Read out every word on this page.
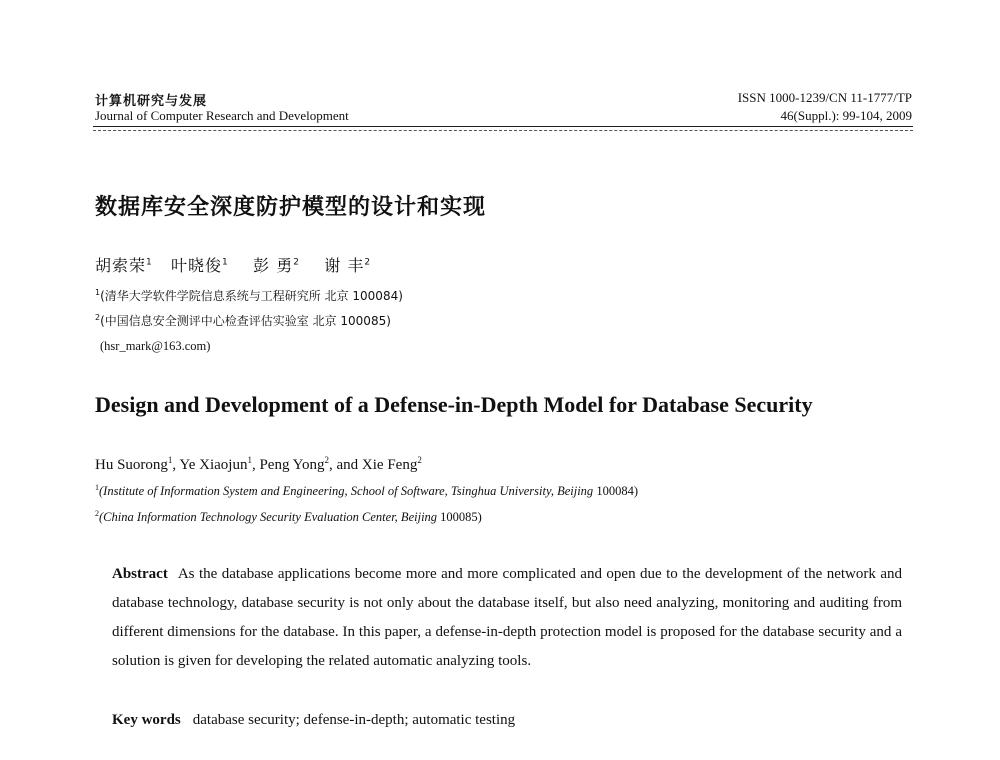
计算机研究与发展
Journal of Computer Research and Development
ISSN 1000-1239/CN 11-1777/TP
46(Suppl.): 99-104, 2009
数据库安全深度防护模型的设计和实现
胡索荣$^1$ 叶晓俊$^1$ 彭 勇$^2$ 谢 丰$^2$
$^1$(清华大学软件学院信息系统与工程研究所 北京 100084)
$^2$(中国信息安全测评中心检查评估实验室 北京 100085)
(hsr_mark@163.com)
Design and Development of a Defense-in-Depth Model for Database Security
Hu Suorong$^1$, Ye Xiaojun$^1$, Peng Yong$^2$, and Xie Feng$^2$
$^1$(Institute of Information System and Engineering, School of Software, Tsinghua University, Beijing 100084)
$^2$(China Information Technology Security Evaluation Center, Beijing 100085)
Abstract As the database applications become more and more complicated and open due to the development of the network and database technology, database security is not only about the database itself, but also need analyzing, monitoring and auditing from different dimensions for the database. In this paper, a defense-in-depth protection model is proposed for the database security and a solution is given for developing the related automatic analyzing tools.
Key words database security; defense-in-depth; automatic testing
